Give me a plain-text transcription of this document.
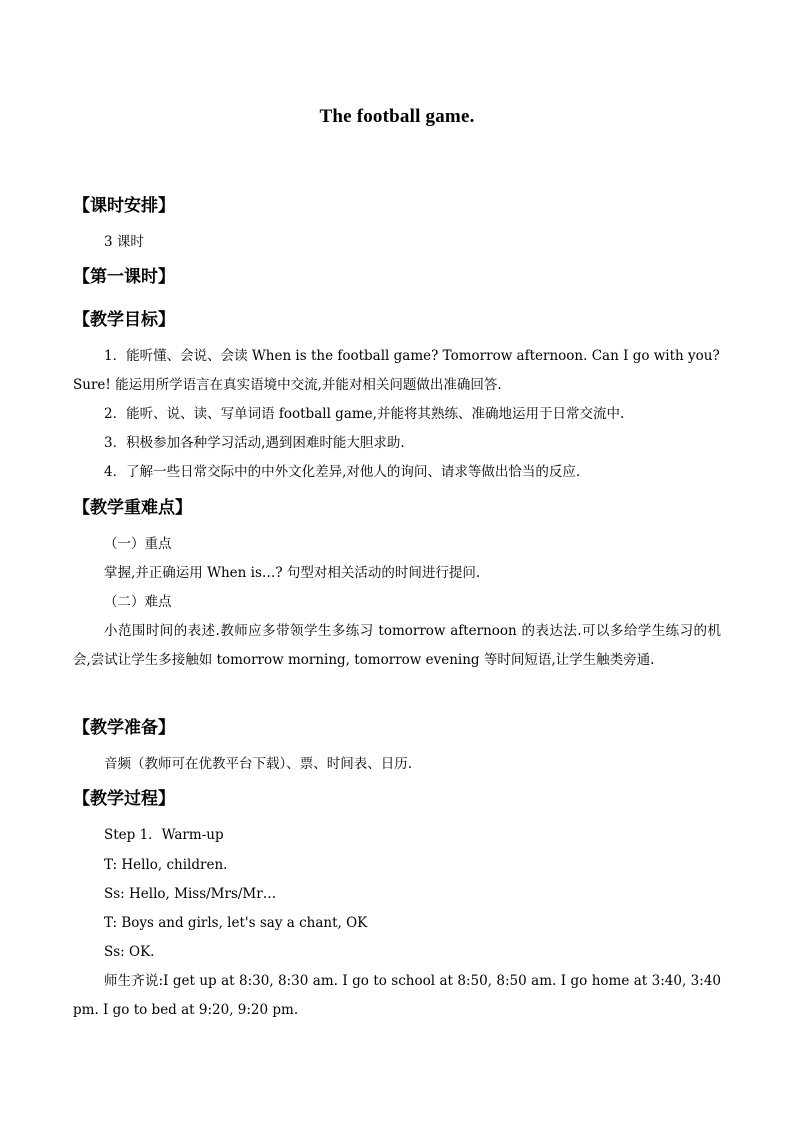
The football game.
【课时安排】
3 课时
【第一课时】
【教学目标】
1．能听懂、会说、会读 When is the football game? Tomorrow afternoon. Can I go with you?
Sure! 能运用所学语言在真实语境中交流,并能对相关问题做出准确回答.
2．能听、说、读、写单词语 football game,并能将其熟练、准确地运用于日常交流中.
3．积极参加各种学习活动,遇到困难时能大胆求助.
4．了解一些日常交际中的中外文化差异,对他人的询问、请求等做出恰当的反应.
【教学重难点】
（一）重点
掌握,并正确运用 When is…? 句型对相关活动的时间进行提问.
（二）难点
小范围时间的表述.教师应多带领学生多练习 tomorrow afternoon 的表达法.可以多给学生练习的机会,尝试让学生多接触如 tomorrow morning, tomorrow evening 等时间短语,让学生触类旁通.
【教学准备】
音频（教师可在优教平台下载）、票、时间表、日历.
【教学过程】
Step 1．Warm-up
T: Hello, children.
Ss: Hello, Miss/Mrs/Mr…
T: Boys and girls, let's say a chant, OK
Ss: OK.
师生齐说:I get up at 8:30, 8:30 am. I go to school at 8:50, 8:50 am. I go home at 3:40, 3:40 pm. I go to bed at 9:20, 9:20 pm.
